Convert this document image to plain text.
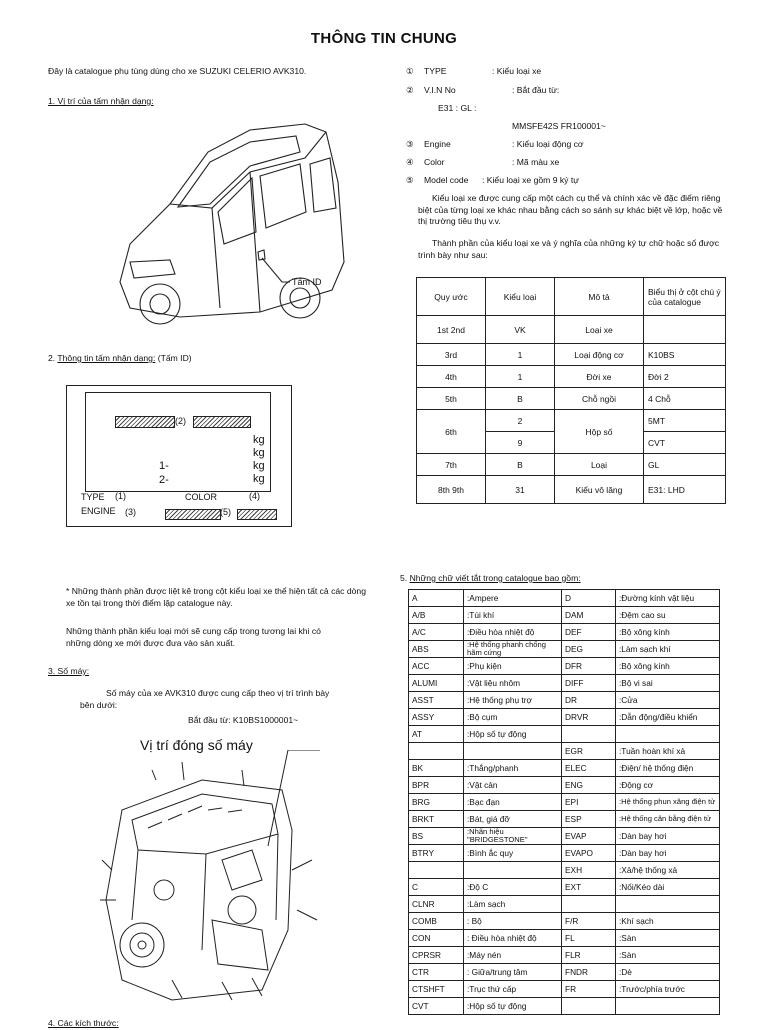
THÔNG TIN CHUNG
Đây là catalogue phụ tùng dùng cho xe SUZUKI CELERIO AVK310.
1. Vị trí của tấm nhận dạng:
Tấm ID
2. Thông tin tấm nhận dạng: (Tấm ID)
(2)
kg
kg
kg
kg
1-
2-
TYPE (1)	COLOR	(4)
ENGINE (3)	(5)
* Những thành phần được liệt kê trong cột kiểu loại xe thể hiện tất cả các dòng xe tồn tại trong thời điểm lập catalogue này.
Những thành phần kiểu loại mới sẽ cung cấp trong tương lai khi có những dòng xe mới được đưa vào sản xuất.
3. Số máy:
Số máy của xe AVK310 được cung cấp theo vị trí trình bày bên dưới:
Bắt đầu từ: K10BS1000001~
Vị trí đóng số máy
4. Các kích thước:
① TYPE	: Kiểu loại xe
② V.I.N No	: Bắt đầu từ:
E31 : GL :
MMSFE42S FR100001~
③ Engine	: Kiểu loại động cơ
④ Color	: Mã màu xe
⑤ Model code : Kiểu loại xe gồm 9 ký tự
Kiểu loại xe được cung cấp một cách cụ thể và chính xác về đặc điểm riêng biệt của từng loại xe khác nhau bằng cách so sánh sự khác biệt về lớp, hoặc về thị trường tiêu thụ v.v.
Thành phần của kiểu loại xe và ý nghĩa của những ký tự chữ hoặc số được trình bày như sau:
Quy ước	Kiểu loại	Mô tả	Biểu thị ở cột chú ý của catalogue
1st 2nd	VK	Loại xe	
3rd	1	Loại động cơ	K10BS
4th	1	Đời xe	Đời 2
5th	B	Chỗ ngồi	4 Chỗ
6th	2	Hộp số	5MT
	9		CVT
7th	B	Loại	GL
8th 9th	31	Kiểu vô lăng	E31: LHD
5. Những chữ viết tắt trong catalogue bao gồm:
A	:Ampere	D	:Đường kính vật liệu
A/B	:Túi khí	DAM	:Đệm cao su
A/C	:Điều hòa nhiệt độ	DEF	:Bộ xông kính
ABS	:Hệ thống phanh chống hãm cứng	DEG	:Làm sạch khí
ACC	:Phụ kiện	DFR	:Bộ xông kính
ALUMI	:Vật liệu nhôm	DIFF	:Bộ vi sai
ASST	:Hệ thống phụ trợ	DR	:Cửa
ASSY	:Bộ cụm	DRVR	:Dẫn động/điều khiển
AT	:Hộp số tự động		
		EGR	:Tuần hoàn khí xả
BK	:Thắng/phanh	ELEC	:Điện/ hệ thống điện
BPR	:Vật cản	ENG	:Động cơ
BRG	:Bạc đạn	EPI	:Hệ thống phun xăng điện tử
BRKT	:Bát, giá đỡ	ESP	:Hệ thống cân bằng điện tử
BS	:Nhãn hiệu "BRIDGESTONE"	EVAP	:Dàn bay hơi
BTRY	:Bình ắc quy	EVAPO	:Dàn bay hơi
		EXH	:Xả/hệ thống xả
C	:Độ C	EXT	:Nối/Kéo dài
CLNR	:Làm sạch		
COMB	: Bộ	F/R	:Khí sạch
CON	: Điều hòa nhiệt độ	FL	:Sàn
CPRSR	:Máy nén	FLR	:Sàn
CTR	: Giữa/trung tâm	FNDR	:Dè
CTSHFT	:Trục thứ cấp	FR	:Trước/phía trước
CVT	:Hộp số tự động		
